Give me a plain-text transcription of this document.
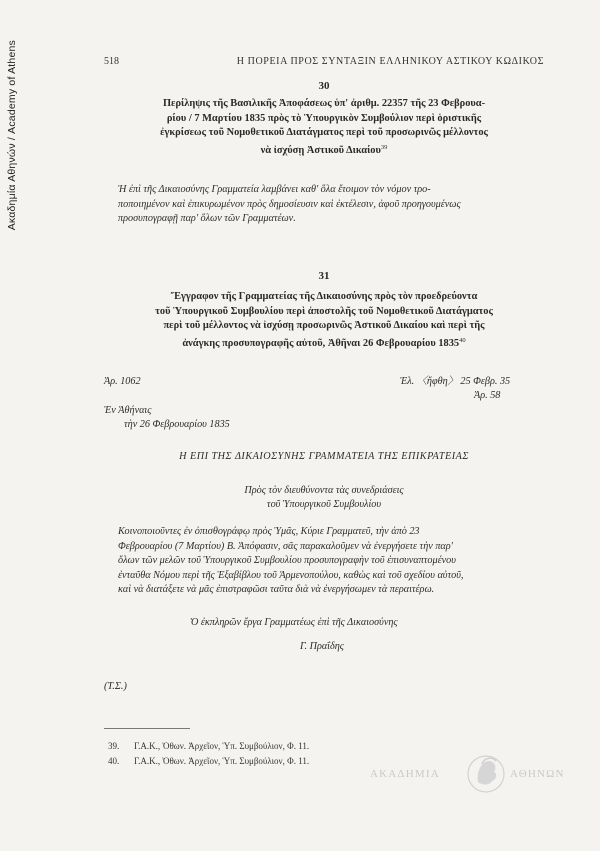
Ακαδημία Αθηνών / Academy of Athens	518	Η ΠΟΡΕΙΑ ΠΡΟΣ ΣΥΝΤΑΞΙΝ ΕΛΛΗΝΙΚΟΥ ΑΣΤΙΚΟΥ ΚΩΔΙΚΟΣ
30
Περίληψις τῆς Βασιλικῆς Ἀποφάσεως ὑπ' ἀριθμ. 22357 τῆς 23 Φεβρουα-
ρίου / 7 Μαρτίου 1835 πρὸς τὸ Ὑπουργικὸν Συμβούλιον περὶ ὁριστικῆς
ἐγκρίσεως τοῦ Νομοθετικοῦ Διατάγματος περὶ τοῦ προσωρινῶς μέλλοντος
νὰ ἰσχύσῃ Ἀστικοῦ Δικαίου$^{39}$
Ἡ ἐπὶ τῆς Δικαιοσύνης Γραμματεία λαμβάνει καθ' ὅλα ἕτοιμον τὸν νόμον τρο-
ποποιημένον καὶ ἐπικυρωμένον πρὸς δημοσίευσιν καὶ ἐκτέλεσιν, ἀφοῦ προηγουμένως
προσυπογραφῇ παρ' ὅλων τῶν Γραμματέων.
31
Ἔγγραφον τῆς Γραμματείας τῆς Δικαιοσύνης πρὸς τὸν προεδρεύοντα
τοῦ Ὑπουργικοῦ Συμβουλίου περὶ ἀποστολῆς τοῦ Νομοθετικοῦ Διατάγματος
περὶ τοῦ μέλλοντος νὰ ἰσχύσῃ προσωρινῶς Ἀστικοῦ Δικαίου καὶ περὶ τῆς
ἀνάγκης προσυπογραφῆς αὐτοῦ, Ἀθῆναι 26 Φεβρουαρίου 1835$^{40}$
Ἀρ. 1062	Ἐλ. 〈ἤφθη〉 25 Φεβρ. 35
Ἀρ. 58
Ἐν Ἀθήναις
τὴν 26 Φεβρουαρίου 1835
Η ΕΠΙ ΤΗΣ ΔΙΚΑΙΟΣΥΝΗΣ ΓΡΑΜΜΑΤΕΙΑ ΤΗΣ ΕΠΙΚΡΑΤΕΙΑΣ
Πρὸς τὸν διευθύνοντα τὰς συνεδριάσεις
τοῦ Ὑπουργικοῦ Συμβουλίου
Κοινοποιοῦντες ἐν ὀπισθογράφῳ πρὸς Ὑμᾶς, Κύριε Γραμματεῦ, τὴν ἀπὸ 23
Φεβρουαρίου (7 Μαρτίου) Β. Ἀπόφασιν, σᾶς παρακαλοῦμεν νὰ ἐνεργήσετε τὴν παρ'
ὅλων τῶν μελῶν τοῦ Ὑπουργικοῦ Συμβουλίου προσυπογραφὴν τοῦ ἐπισυναπτομένου
ἐνταῦθα Νόμου περὶ τῆς Ἑξαβίβλου τοῦ Ἁρμενοπούλου, καθὼς καὶ τοῦ σχεδίου αὐτοῦ,
καὶ νὰ διατάξετε νὰ μᾶς ἐπιστραφῶσι ταῦτα διὰ νὰ ἐνεργήσωμεν τὰ περαιτέρω.
Ὁ ἐκπληρῶν ἔργα Γραμματέως ἐπὶ τῆς Δικαιοσύνης
Γ. Πραΐδης
(Τ.Σ.)
39. Γ.Α.Κ., Ὀθων. Ἀρχεῖον, Ὑπ. Συμβούλιον, Φ. 11.
40. Γ.Α.Κ., Ὀθων. Ἀρχεῖον, Ὑπ. Συμβούλιον, Φ. 11.
ΑΚΑΔΗΜΙΑ	ΑΘΗΝΩΝ
